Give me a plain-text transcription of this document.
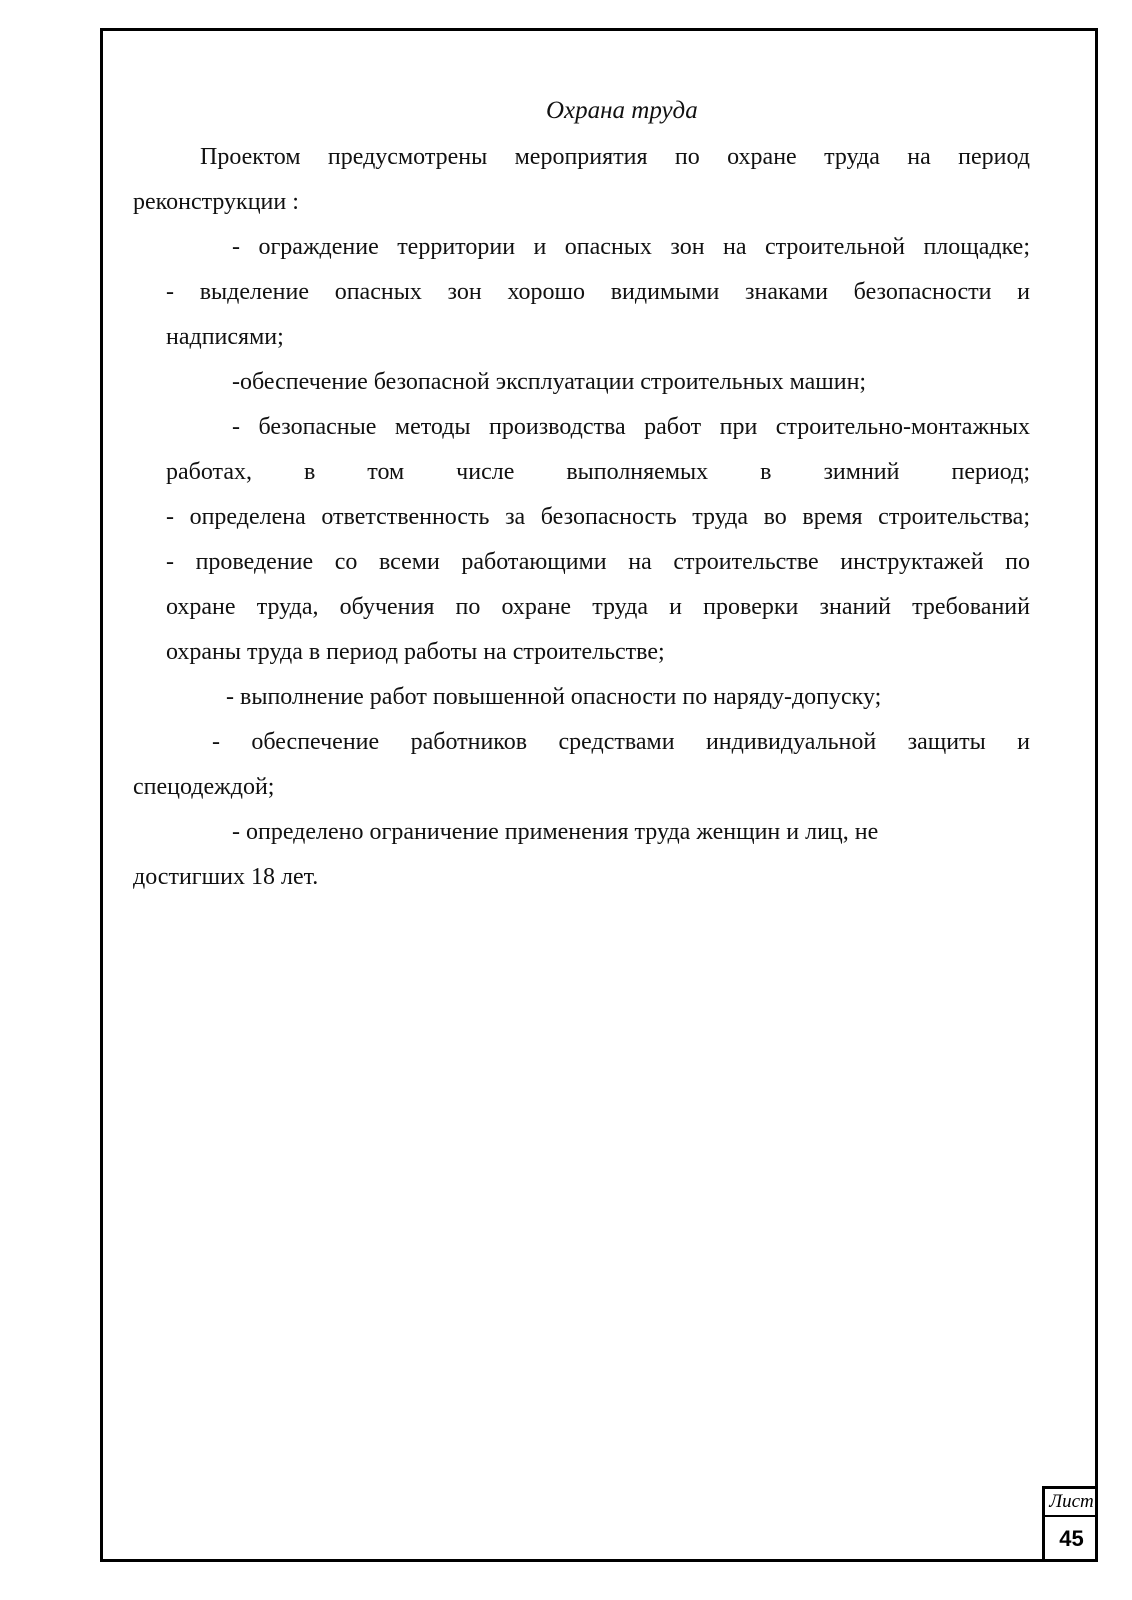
Охрана труда
Проектом предусмотрены мероприятия по охране труда на период
реконструкции :
- ограждение территории и опасных зон на строительной площадке;
- выделение опасных зон хорошо видимыми знаками безопасности и
надписями;
-обеспечение безопасной эксплуатации строительных машин;
- безопасные методы производства работ при строительно-монтажных
работах, в том числе выполняемых в зимний период;
- определена ответственность за безопасность труда во время строительства;
- проведение со всеми работающими на строительстве инструктажей по
охране труда, обучения по охране труда и проверки знаний требований
охраны труда в период работы на строительстве;
- выполнение работ повышенной опасности по наряду-допуску;
- обеспечение работников средствами индивидуальной защиты и
спецодеждой;
- определено ограничение применения труда женщин и лиц, не
достигших 18 лет.
Лист
45
